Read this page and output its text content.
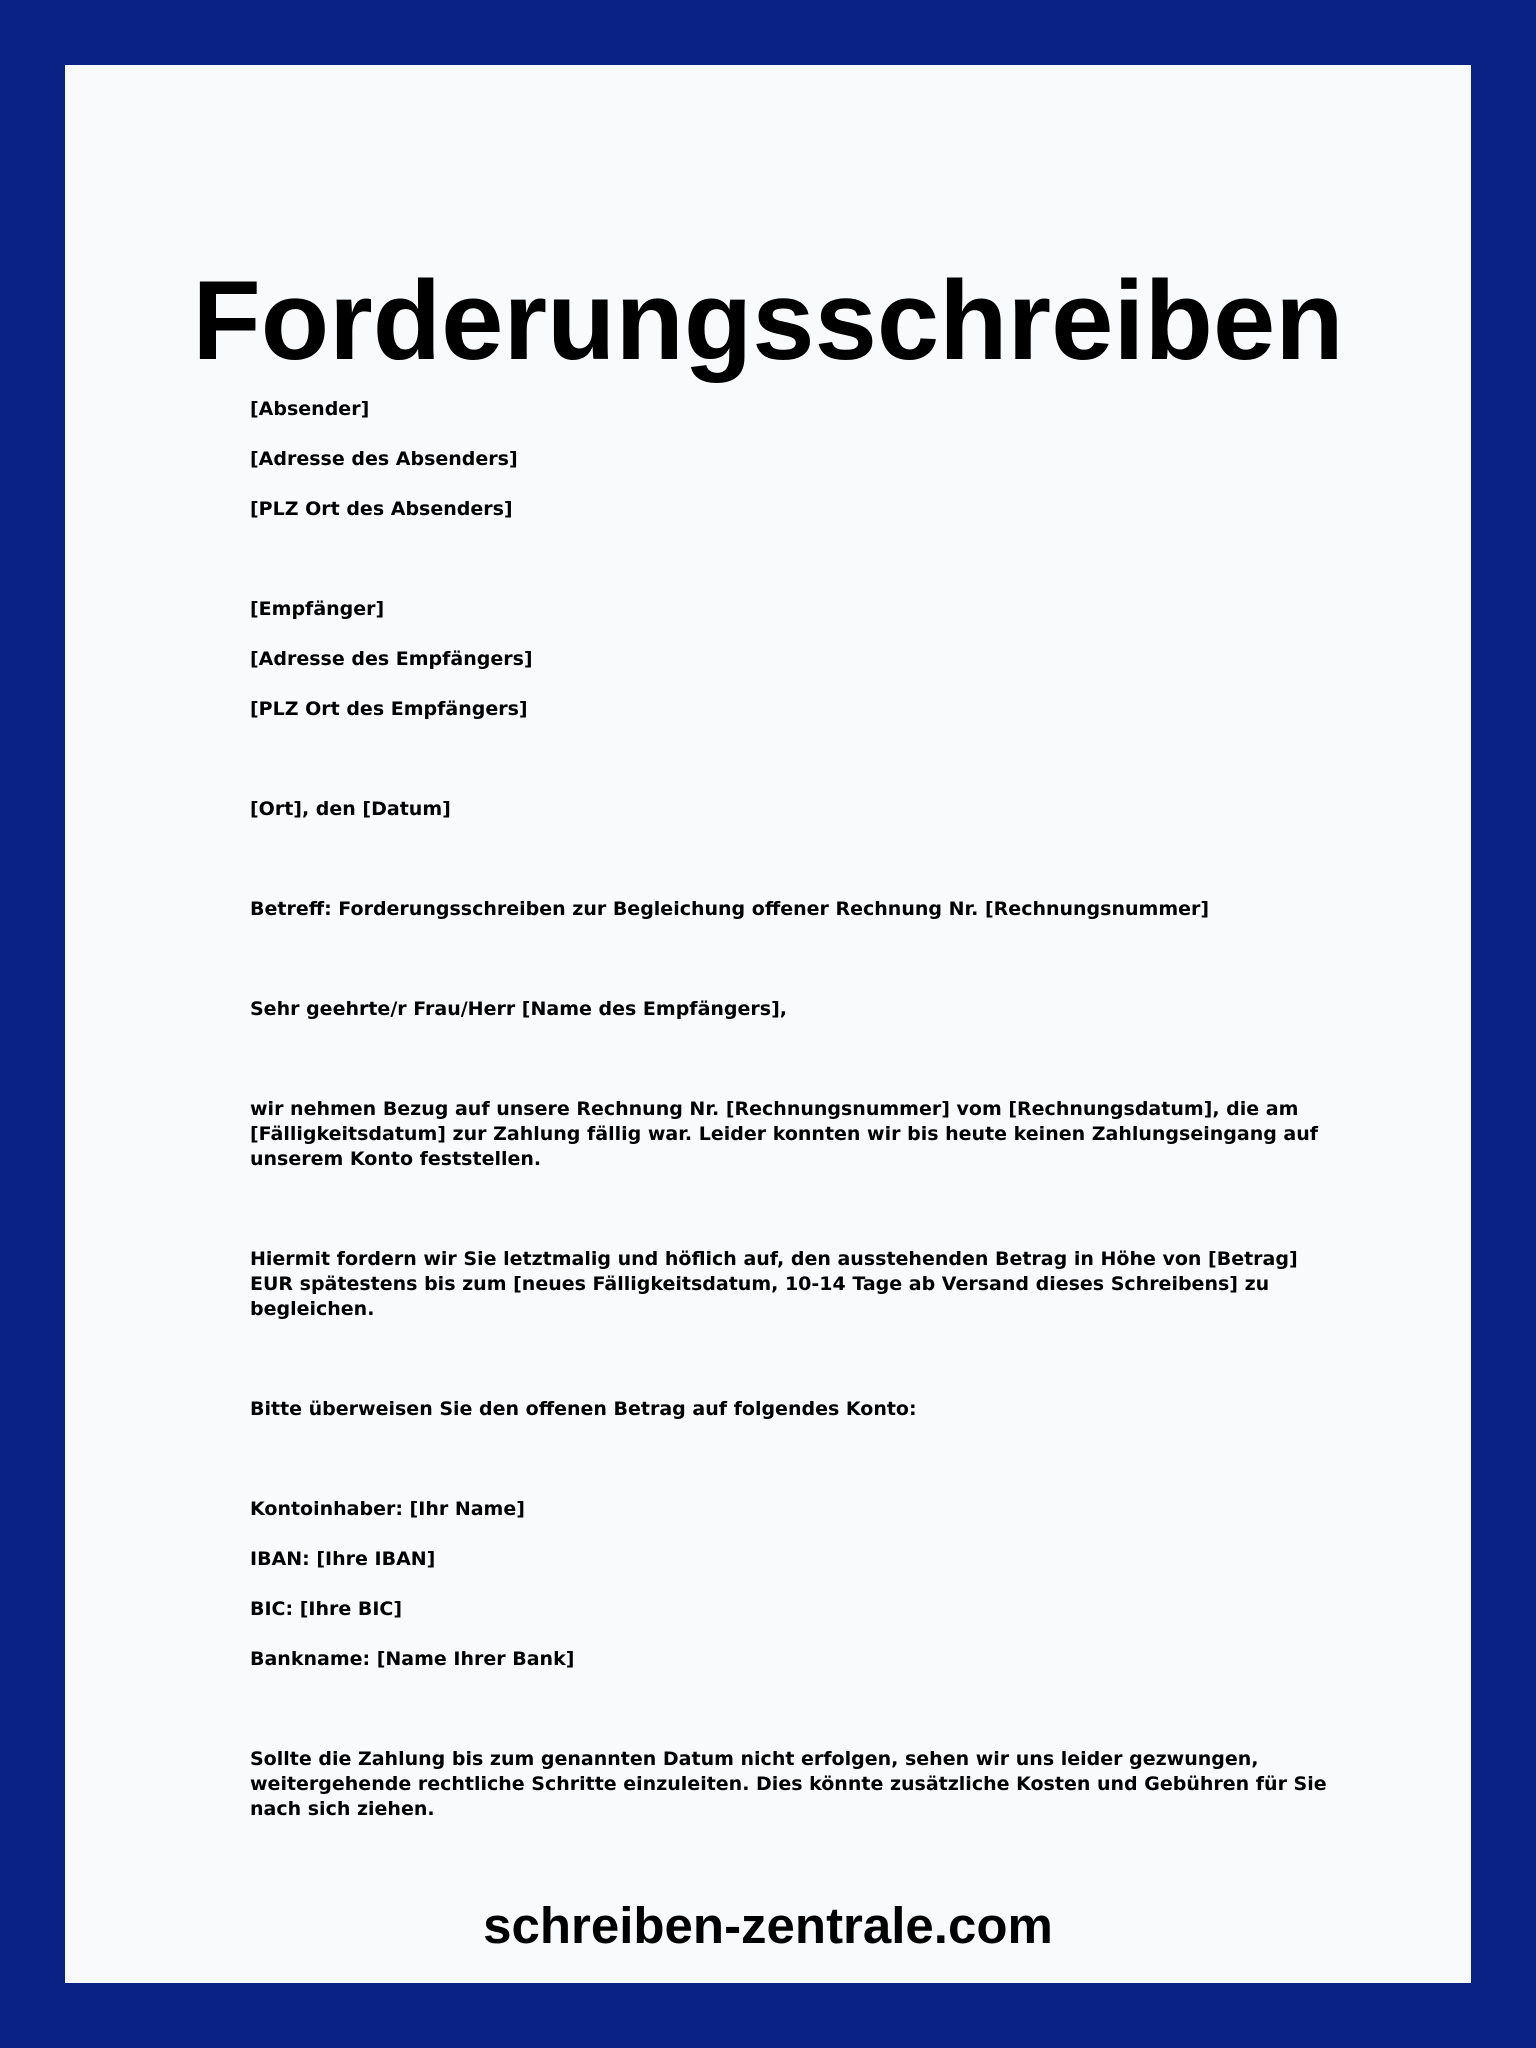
Forderungsschreiben

[Absender]

[Adresse des Absenders]

[PLZ Ort des Absenders]

[Empfänger]

[Adresse des Empfängers]

[PLZ Ort des Empfängers]

[Ort], den [Datum]

Betreff: Forderungsschreiben zur Begleichung offener Rechnung Nr. [Rechnungsnummer]

Sehr geehrte/r Frau/Herr [Name des Empfängers],

wir nehmen Bezug auf unsere Rechnung Nr. [Rechnungsnummer] vom [Rechnungsdatum], die am [Fälligkeitsdatum] zur Zahlung fällig war. Leider konnten wir bis heute keinen Zahlungseingang auf unserem Konto feststellen.

Hiermit fordern wir Sie letztmalig und höflich auf, den ausstehenden Betrag in Höhe von [Betrag] EUR spätestens bis zum [neues Fälligkeitsdatum, 10-14 Tage ab Versand dieses Schreibens] zu begleichen.

Bitte überweisen Sie den offenen Betrag auf folgendes Konto:

Kontoinhaber: [Ihr Name]

IBAN: [Ihre IBAN]

BIC: [Ihre BIC]

Bankname: [Name Ihrer Bank]

Sollte die Zahlung bis zum genannten Datum nicht erfolgen, sehen wir uns leider gezwungen, weitergehende rechtliche Schritte einzuleiten. Dies könnte zusätzliche Kosten und Gebühren für Sie nach sich ziehen.

schreiben-zentrale.com
